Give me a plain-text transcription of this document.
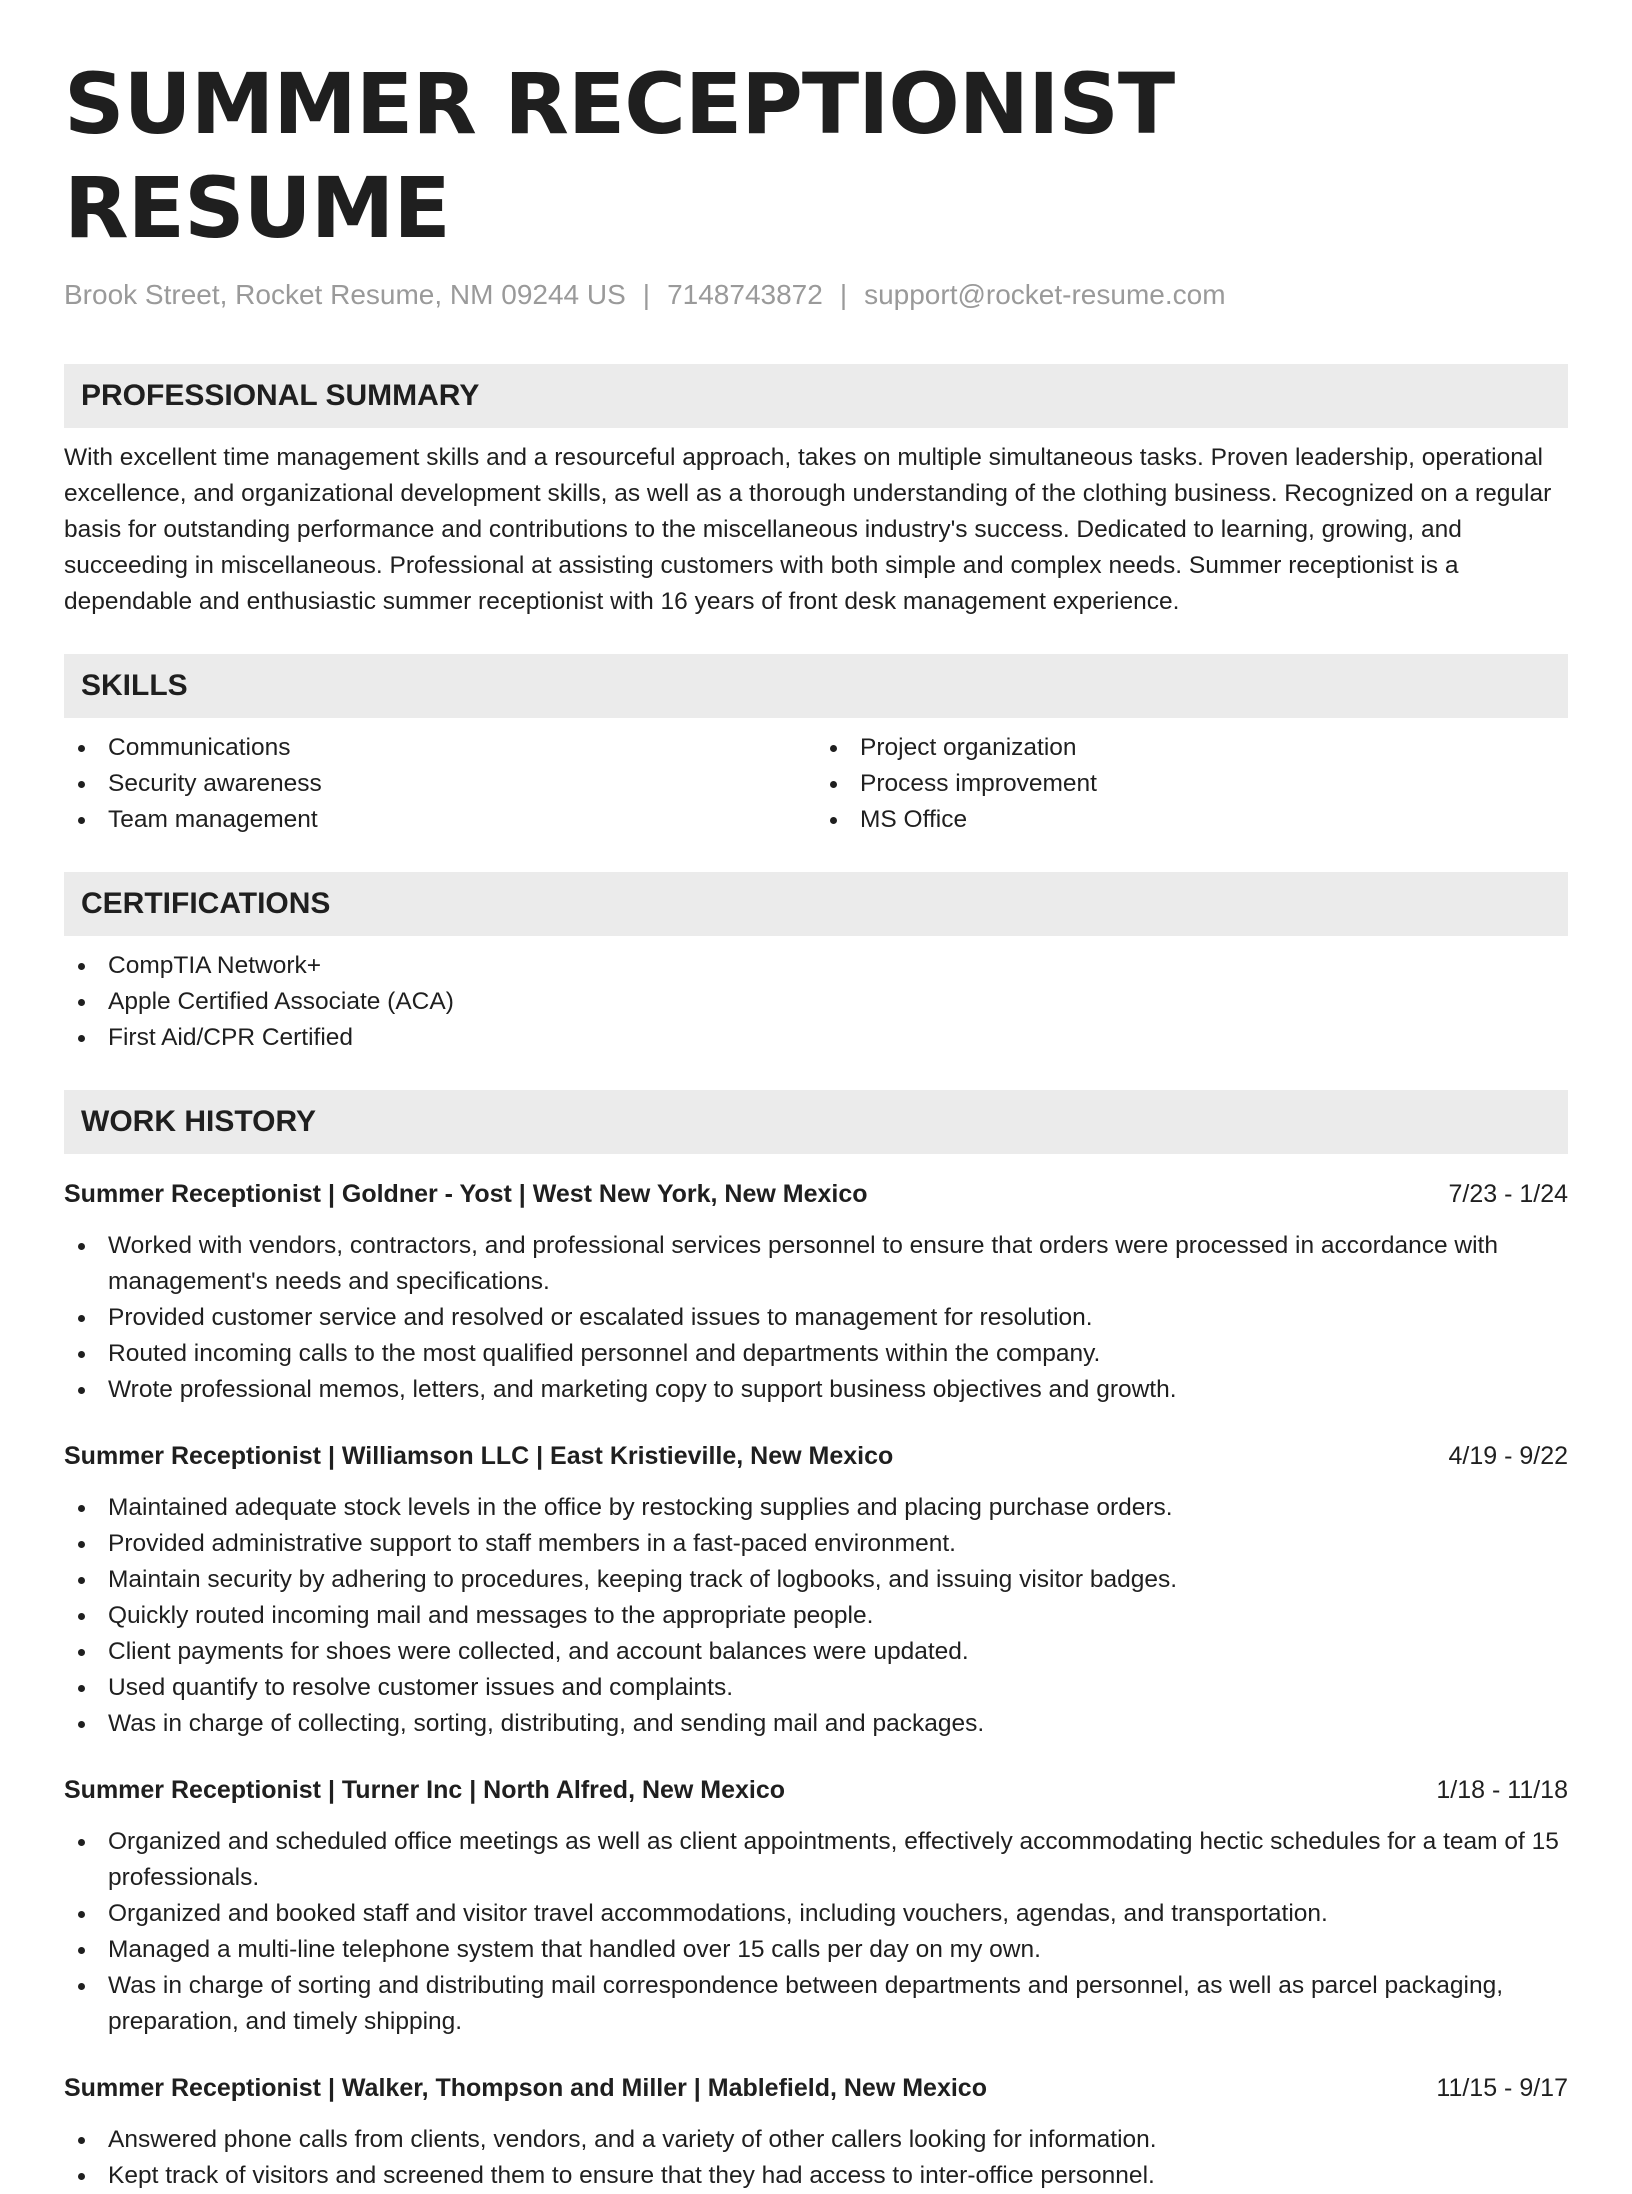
SUMMER RECEPTIONIST RESUME
Brook Street, Rocket Resume, NM 09244 US | 7148743872 | support@rocket-resume.com
PROFESSIONAL SUMMARY
With excellent time management skills and a resourceful approach, takes on multiple simultaneous tasks. Proven leadership, operational excellence, and organizational development skills, as well as a thorough understanding of the clothing business. Recognized on a regular basis for outstanding performance and contributions to the miscellaneous industry's success. Dedicated to learning, growing, and succeeding in miscellaneous. Professional at assisting customers with both simple and complex needs. Summer receptionist is a dependable and enthusiastic summer receptionist with 16 years of front desk management experience.
SKILLS
Communications
Security awareness
Team management
Project organization
Process improvement
MS Office
CERTIFICATIONS
CompTIA Network+
Apple Certified Associate (ACA)
First Aid/CPR Certified
WORK HISTORY
Summer Receptionist | Goldner - Yost | West New York, New Mexico	7/23 - 1/24
Worked with vendors, contractors, and professional services personnel to ensure that orders were processed in accordance with management's needs and specifications.
Provided customer service and resolved or escalated issues to management for resolution.
Routed incoming calls to the most qualified personnel and departments within the company.
Wrote professional memos, letters, and marketing copy to support business objectives and growth.
Summer Receptionist | Williamson LLC | East Kristieville, New Mexico	4/19 - 9/22
Maintained adequate stock levels in the office by restocking supplies and placing purchase orders.
Provided administrative support to staff members in a fast-paced environment.
Maintain security by adhering to procedures, keeping track of logbooks, and issuing visitor badges.
Quickly routed incoming mail and messages to the appropriate people.
Client payments for shoes were collected, and account balances were updated.
Used quantify to resolve customer issues and complaints.
Was in charge of collecting, sorting, distributing, and sending mail and packages.
Summer Receptionist | Turner Inc | North Alfred, New Mexico	1/18 - 11/18
Organized and scheduled office meetings as well as client appointments, effectively accommodating hectic schedules for a team of 15 professionals.
Organized and booked staff and visitor travel accommodations, including vouchers, agendas, and transportation.
Managed a multi-line telephone system that handled over 15 calls per day on my own.
Was in charge of sorting and distributing mail correspondence between departments and personnel, as well as parcel packaging, preparation, and timely shipping.
Summer Receptionist | Walker, Thompson and Miller | Mablefield, New Mexico	11/15 - 9/17
Answered phone calls from clients, vendors, and a variety of other callers looking for information.
Kept track of visitors and screened them to ensure that they had access to inter-office personnel.
